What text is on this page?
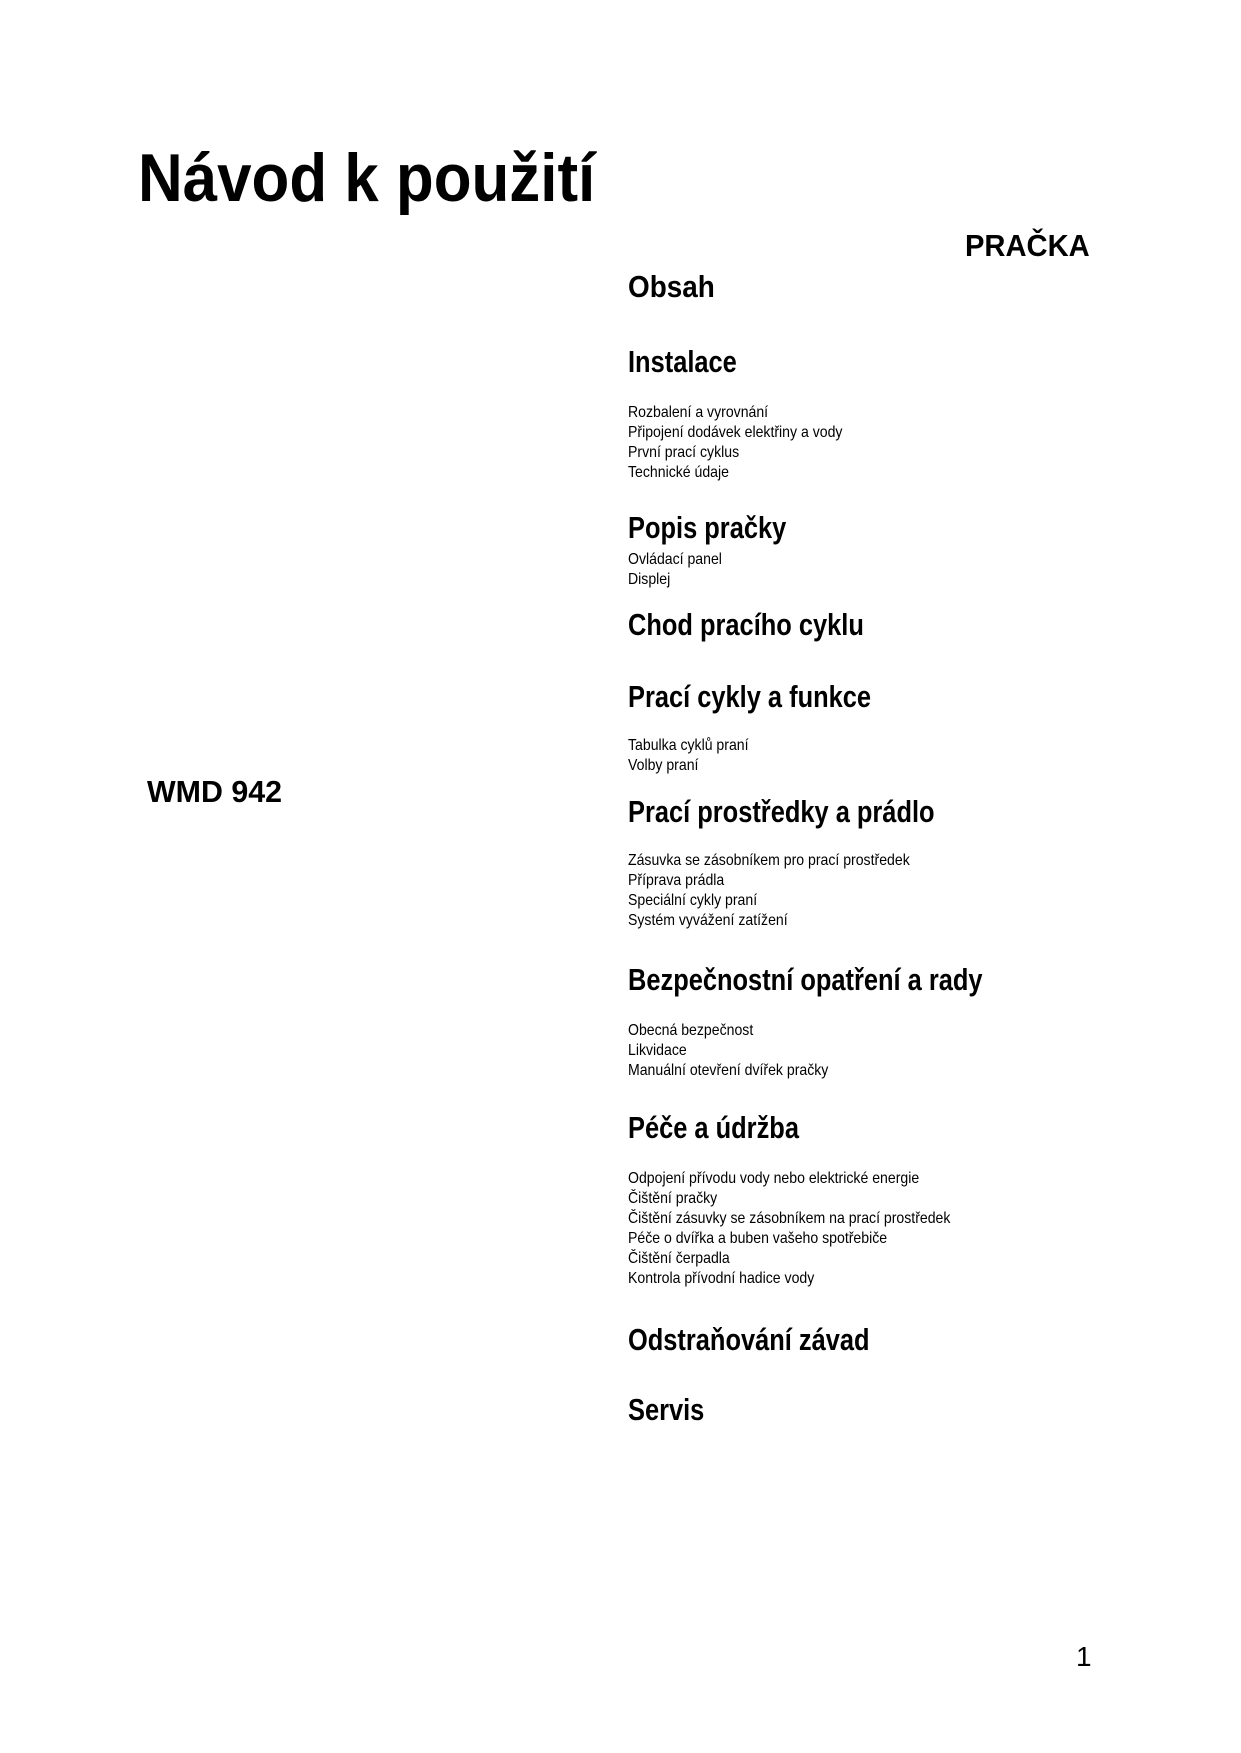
Návod k použití
PRAČKA
WMD 942
Obsah
Instalace
Rozbalení a vyrovnání
Připojení dodávek elektřiny a vody
První prací cyklus
Technické údaje
Popis pračky
Ovládací panel
Displej
Chod pracího cyklu
Prací cykly a funkce
Tabulka cyklů praní
Volby praní
Prací prostředky a prádlo
Zásuvka se zásobníkem pro prací prostředek
Příprava prádla
Speciální cykly praní
Systém vyvážení zatížení
Bezpečnostní opatření a rady
Obecná bezpečnost
Likvidace
Manuální otevření dvířek pračky
Péče a údržba
Odpojení přívodu vody nebo elektrické energie
Čištění pračky
Čištění zásuvky se zásobníkem na prací prostředek
Péče o dvířka a buben vašeho spotřebiče
Čištění čerpadla
Kontrola přívodní hadice vody
Odstraňování závad
Servis
1
